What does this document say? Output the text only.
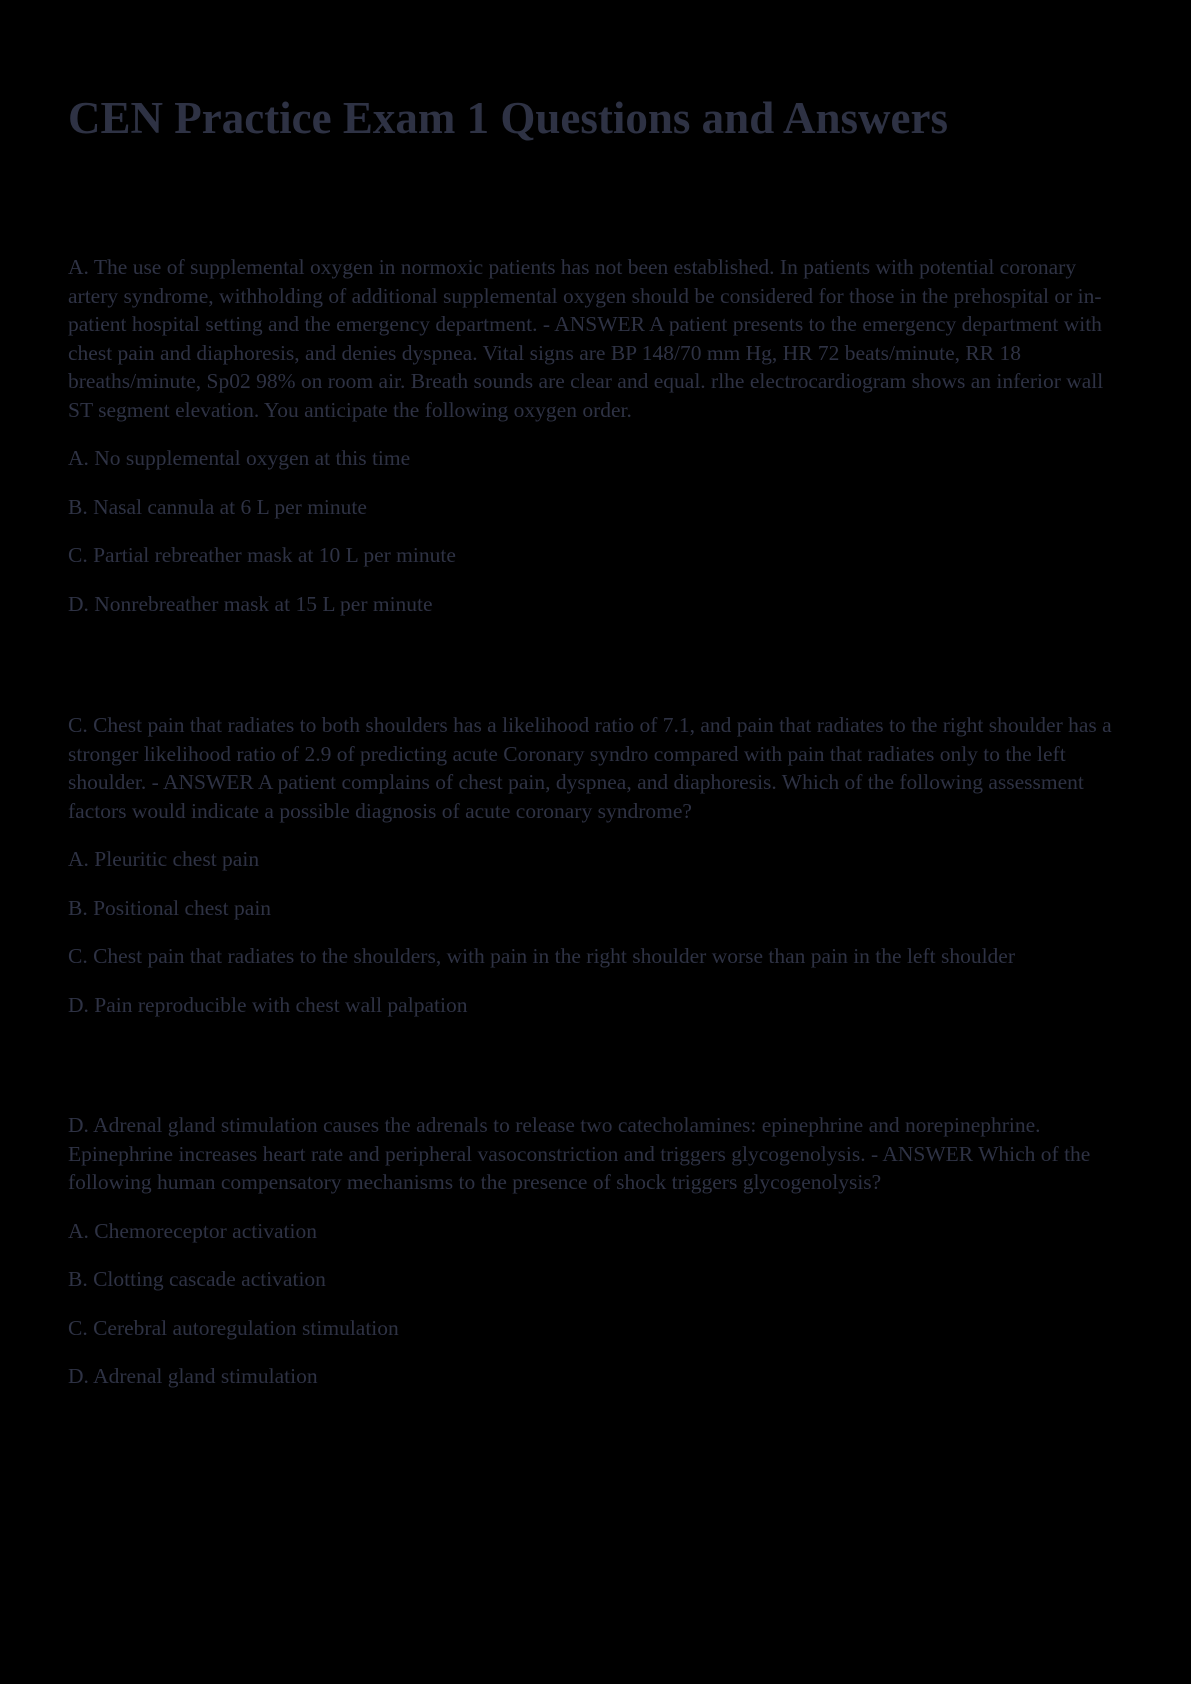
CEN Practice Exam 1 Questions and Answers

A. The use of supplemental oxygen in normoxic patients has not been established. In patients with potential coronary artery syndrome, withholding of additional supplemental oxygen should be considered for those in the prehospital or in-patient hospital setting and the emergency department. - ANSWER A patient presents to the emergency department with chest pain and diaphoresis, and denies dyspnea. Vital signs are BP 148/70 mm Hg, HR 72 beats/minute, RR 18 breaths/minute, Sp02 98% on room air. Breath sounds are clear and equal. rlhe electrocardiogram shows an inferior wall ST segment elevation. You anticipate the following oxygen order.

A. No supplemental oxygen at this time

B. Nasal cannula at 6 L per minute

C. Partial rebreather mask at 10 L per minute

D. Nonrebreather mask at 15 L per minute

C. Chest pain that radiates to both shoulders has a likelihood ratio of 7.1, and pain that radiates to the right shoulder has a stronger likelihood ratio of 2.9 of predicting acute Coronary syndro compared with pain that radiates only to the left shoulder. - ANSWER A patient complains of chest pain, dyspnea, and diaphoresis. Which of the following assessment factors would indicate a possible diagnosis of acute coronary syndrome?

A. Pleuritic chest pain

B. Positional chest pain

C. Chest pain that radiates to the shoulders, with pain in the right shoulder worse than pain in the left shoulder

D. Pain reproducible with chest wall palpation

D. Adrenal gland stimulation causes the adrenals to release two catecholamines: epinephrine and norepinephrine. Epinephrine increases heart rate and peripheral vasoconstriction and triggers glycogenolysis. - ANSWER Which of the following human compensatory mechanisms to the presence of shock triggers glycogenolysis?

A. Chemoreceptor activation

B. Clotting cascade activation

C. Cerebral autoregulation stimulation

D. Adrenal gland stimulation
